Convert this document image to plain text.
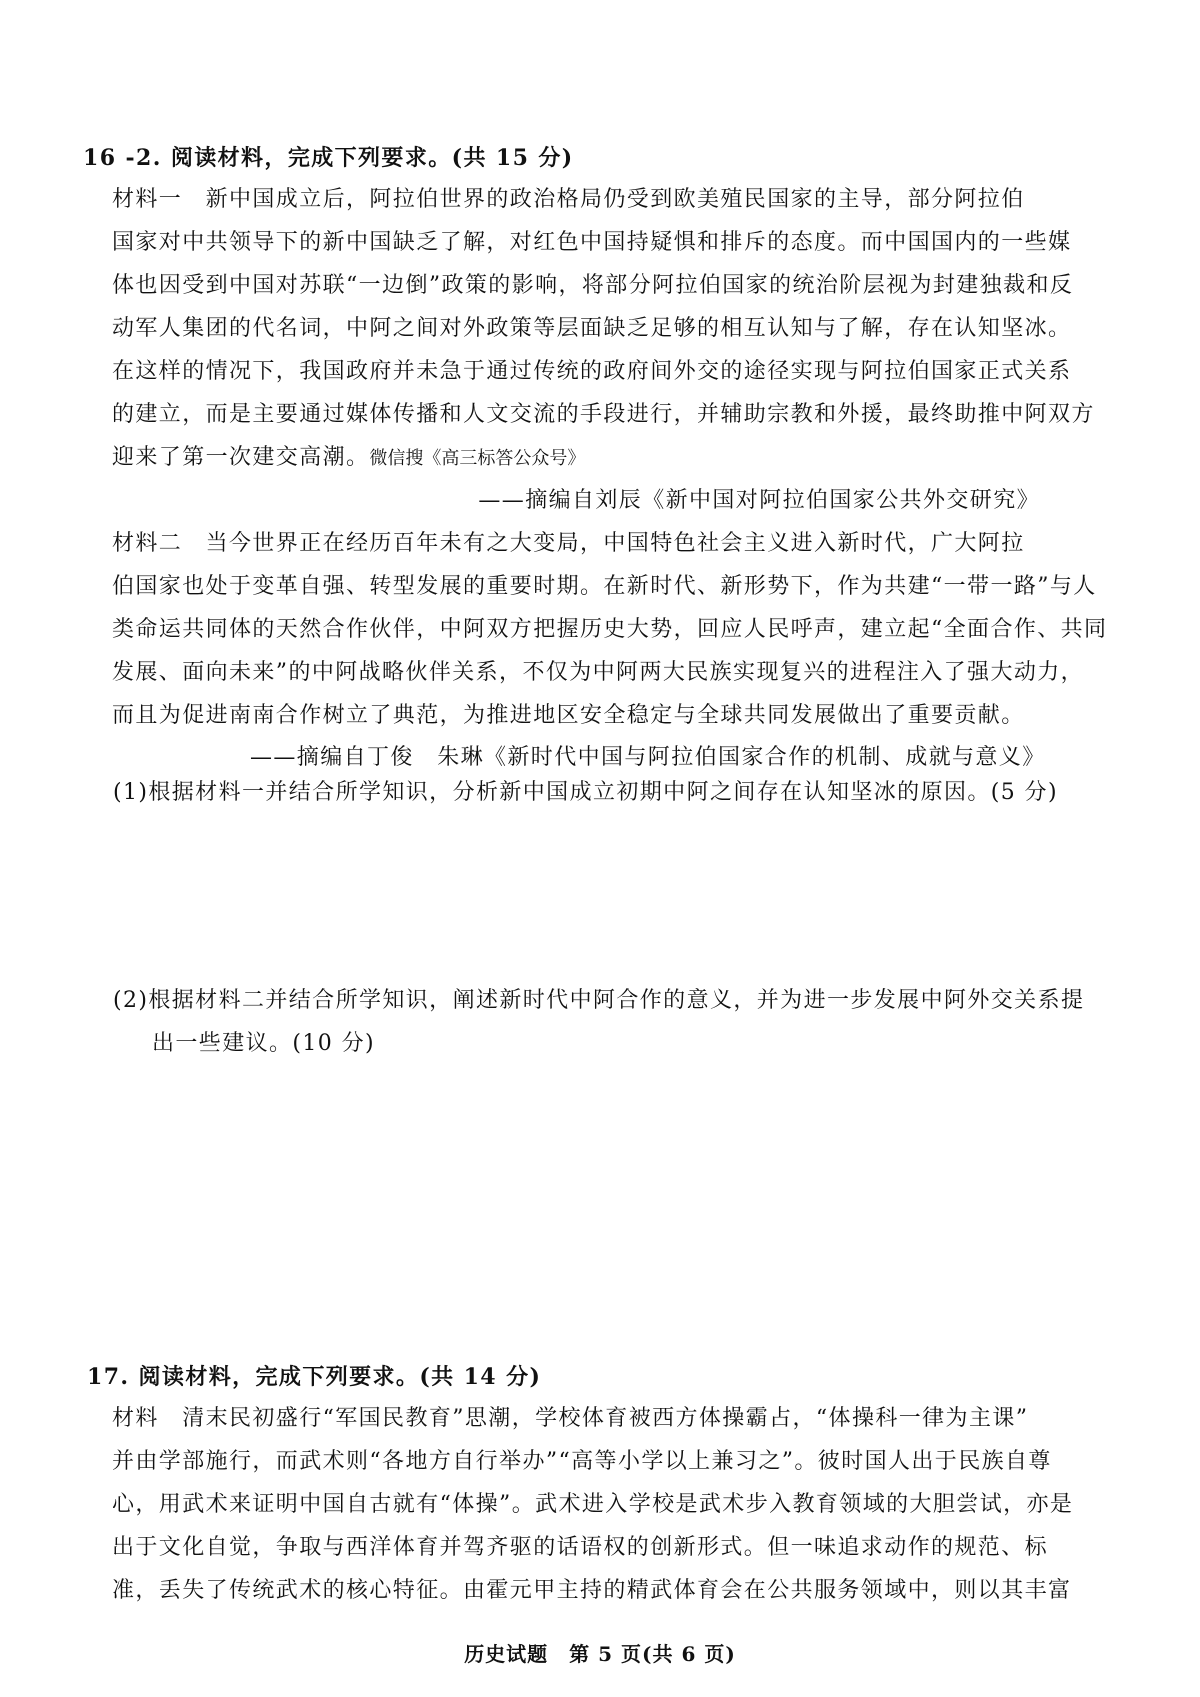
16 -2. 阅读材料，完成下列要求。(共 15 分)
材料一　新中国成立后，阿拉伯世界的政治格局仍受到欧美殖民国家的主导，部分阿拉伯
国家对中共领导下的新中国缺乏了解，对红色中国持疑惧和排斥的态度。而中国国内的一些媒
体也因受到中国对苏联“一边倒”政策的影响，将部分阿拉伯国家的统治阶层视为封建独裁和反
动军人集团的代名词，中阿之间对外政策等层面缺乏足够的相互认知与了解，存在认知坚冰。
在这样的情况下，我国政府并未急于通过传统的政府间外交的途径实现与阿拉伯国家正式关系
的建立，而是主要通过媒体传播和人文交流的手段进行，并辅助宗教和外援，最终助推中阿双方
迎来了第一次建交高潮。微信搜《高三标答公众号》
——摘编自刘辰《新中国对阿拉伯国家公共外交研究》
材料二　当今世界正在经历百年未有之大变局，中国特色社会主义进入新时代，广大阿拉
伯国家也处于变革自强、转型发展的重要时期。在新时代、新形势下，作为共建“一带一路”与人
类命运共同体的天然合作伙伴，中阿双方把握历史大势，回应人民呼声，建立起“全面合作、共同
发展、面向未来”的中阿战略伙伴关系，不仅为中阿两大民族实现复兴的进程注入了强大动力，
而且为促进南南合作树立了典范，为推进地区安全稳定与全球共同发展做出了重要贡献。
——摘编自丁俊　朱琳《新时代中国与阿拉伯国家合作的机制、成就与意义》
(1)根据材料一并结合所学知识，分析新中国成立初期中阿之间存在认知坚冰的原因。(5 分)
(2)根据材料二并结合所学知识，阐述新时代中阿合作的意义，并为进一步发展中阿外交关系提
出一些建议。(10 分)
17. 阅读材料，完成下列要求。(共 14 分)
材料　清末民初盛行“军国民教育”思潮，学校体育被西方体操霸占，“体操科一律为主课”
并由学部施行，而武术则“各地方自行举办”“高等小学以上兼习之”。彼时国人出于民族自尊
心，用武术来证明中国自古就有“体操”。武术进入学校是武术步入教育领域的大胆尝试，亦是
出于文化自觉，争取与西洋体育并驾齐驱的话语权的创新形式。但一味追求动作的规范、标
准，丢失了传统武术的核心特征。由霍元甲主持的精武体育会在公共服务领域中，则以其丰富
历史试题　第 5 页(共 6 页)
